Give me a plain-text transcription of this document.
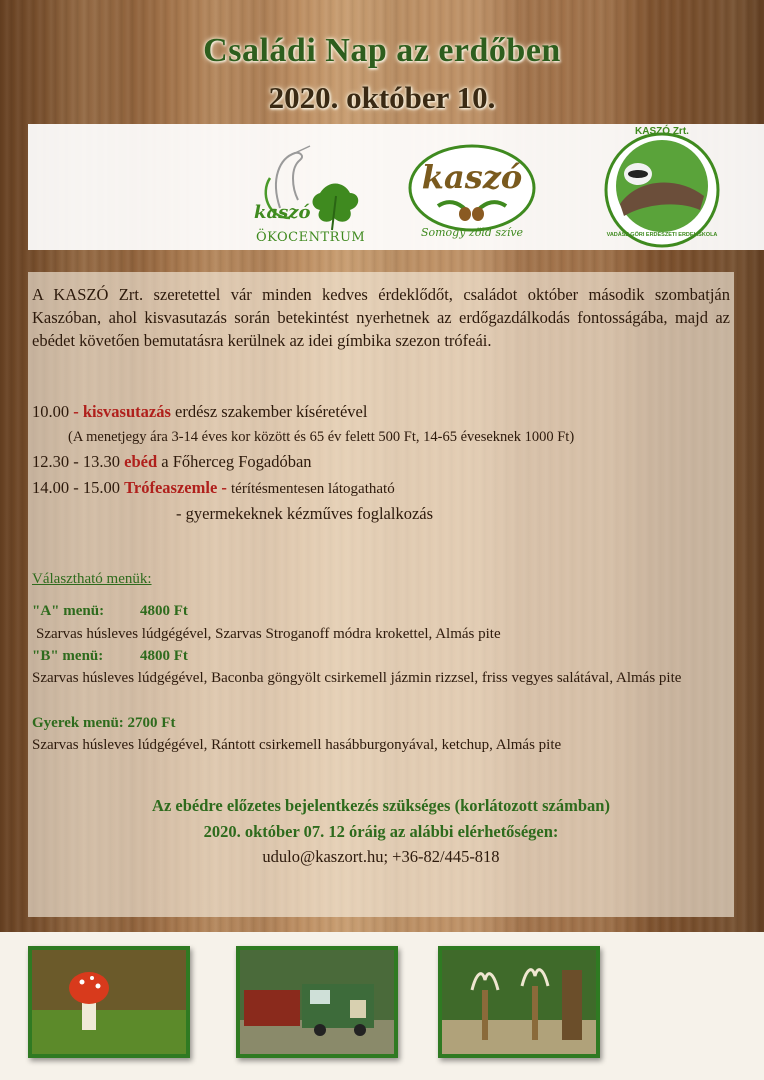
Családi Nap az erdőben
2020. október 10.
kaszó
ÖKOCENTRUM
kaszó
Somogy zöld szíve
KASZÓ Zrt.
VADÁSZ GÖRI ERDÉSZETI ERDEI ISKOLA
A KASZÓ Zrt. szeretettel vár minden kedves érdeklődőt, családot október második szombatján Kaszóban, ahol kisvasutazás során betekintést nyerhetnek az erdőgazdálkodás fontosságába, majd az ebédet követően bemutatásra kerülnek az idei gímbika szezon trófeái.
10.00 - kisvasutazás erdész szakember kíséretével
(A menetjegy ára 3-14 éves kor között és 65 év felett 500 Ft, 14-65 éveseknek 1000 Ft)
12.30 - 13.30 ebéd a Főherceg Fogadóban
14.00 - 15.00 Trófeaszemle - térítésmentesen látogatható
- gyermekeknek kézműves foglalkozás
Választható menük:
"A" menü: 4800 Ft
Szarvas húsleves lúdgégével, Szarvas Stroganoff módra krokettel, Almás pite
"B" menü: 4800 Ft
Szarvas húsleves lúdgégével, Baconba göngyölt csirkemell jázmin rizzsel, friss vegyes salátával, Almás pite
Gyerek menü: 2700 Ft
Szarvas húsleves lúdgégével, Rántott csirkemell hasábburgonyával, ketchup, Almás pite
Az ebédre előzetes bejelentkezés szükséges (korlátozott számban)
2020. október 07. 12 óráig az alábbi elérhetőségen:
udulo@kaszort.hu; +36-82/445-818
